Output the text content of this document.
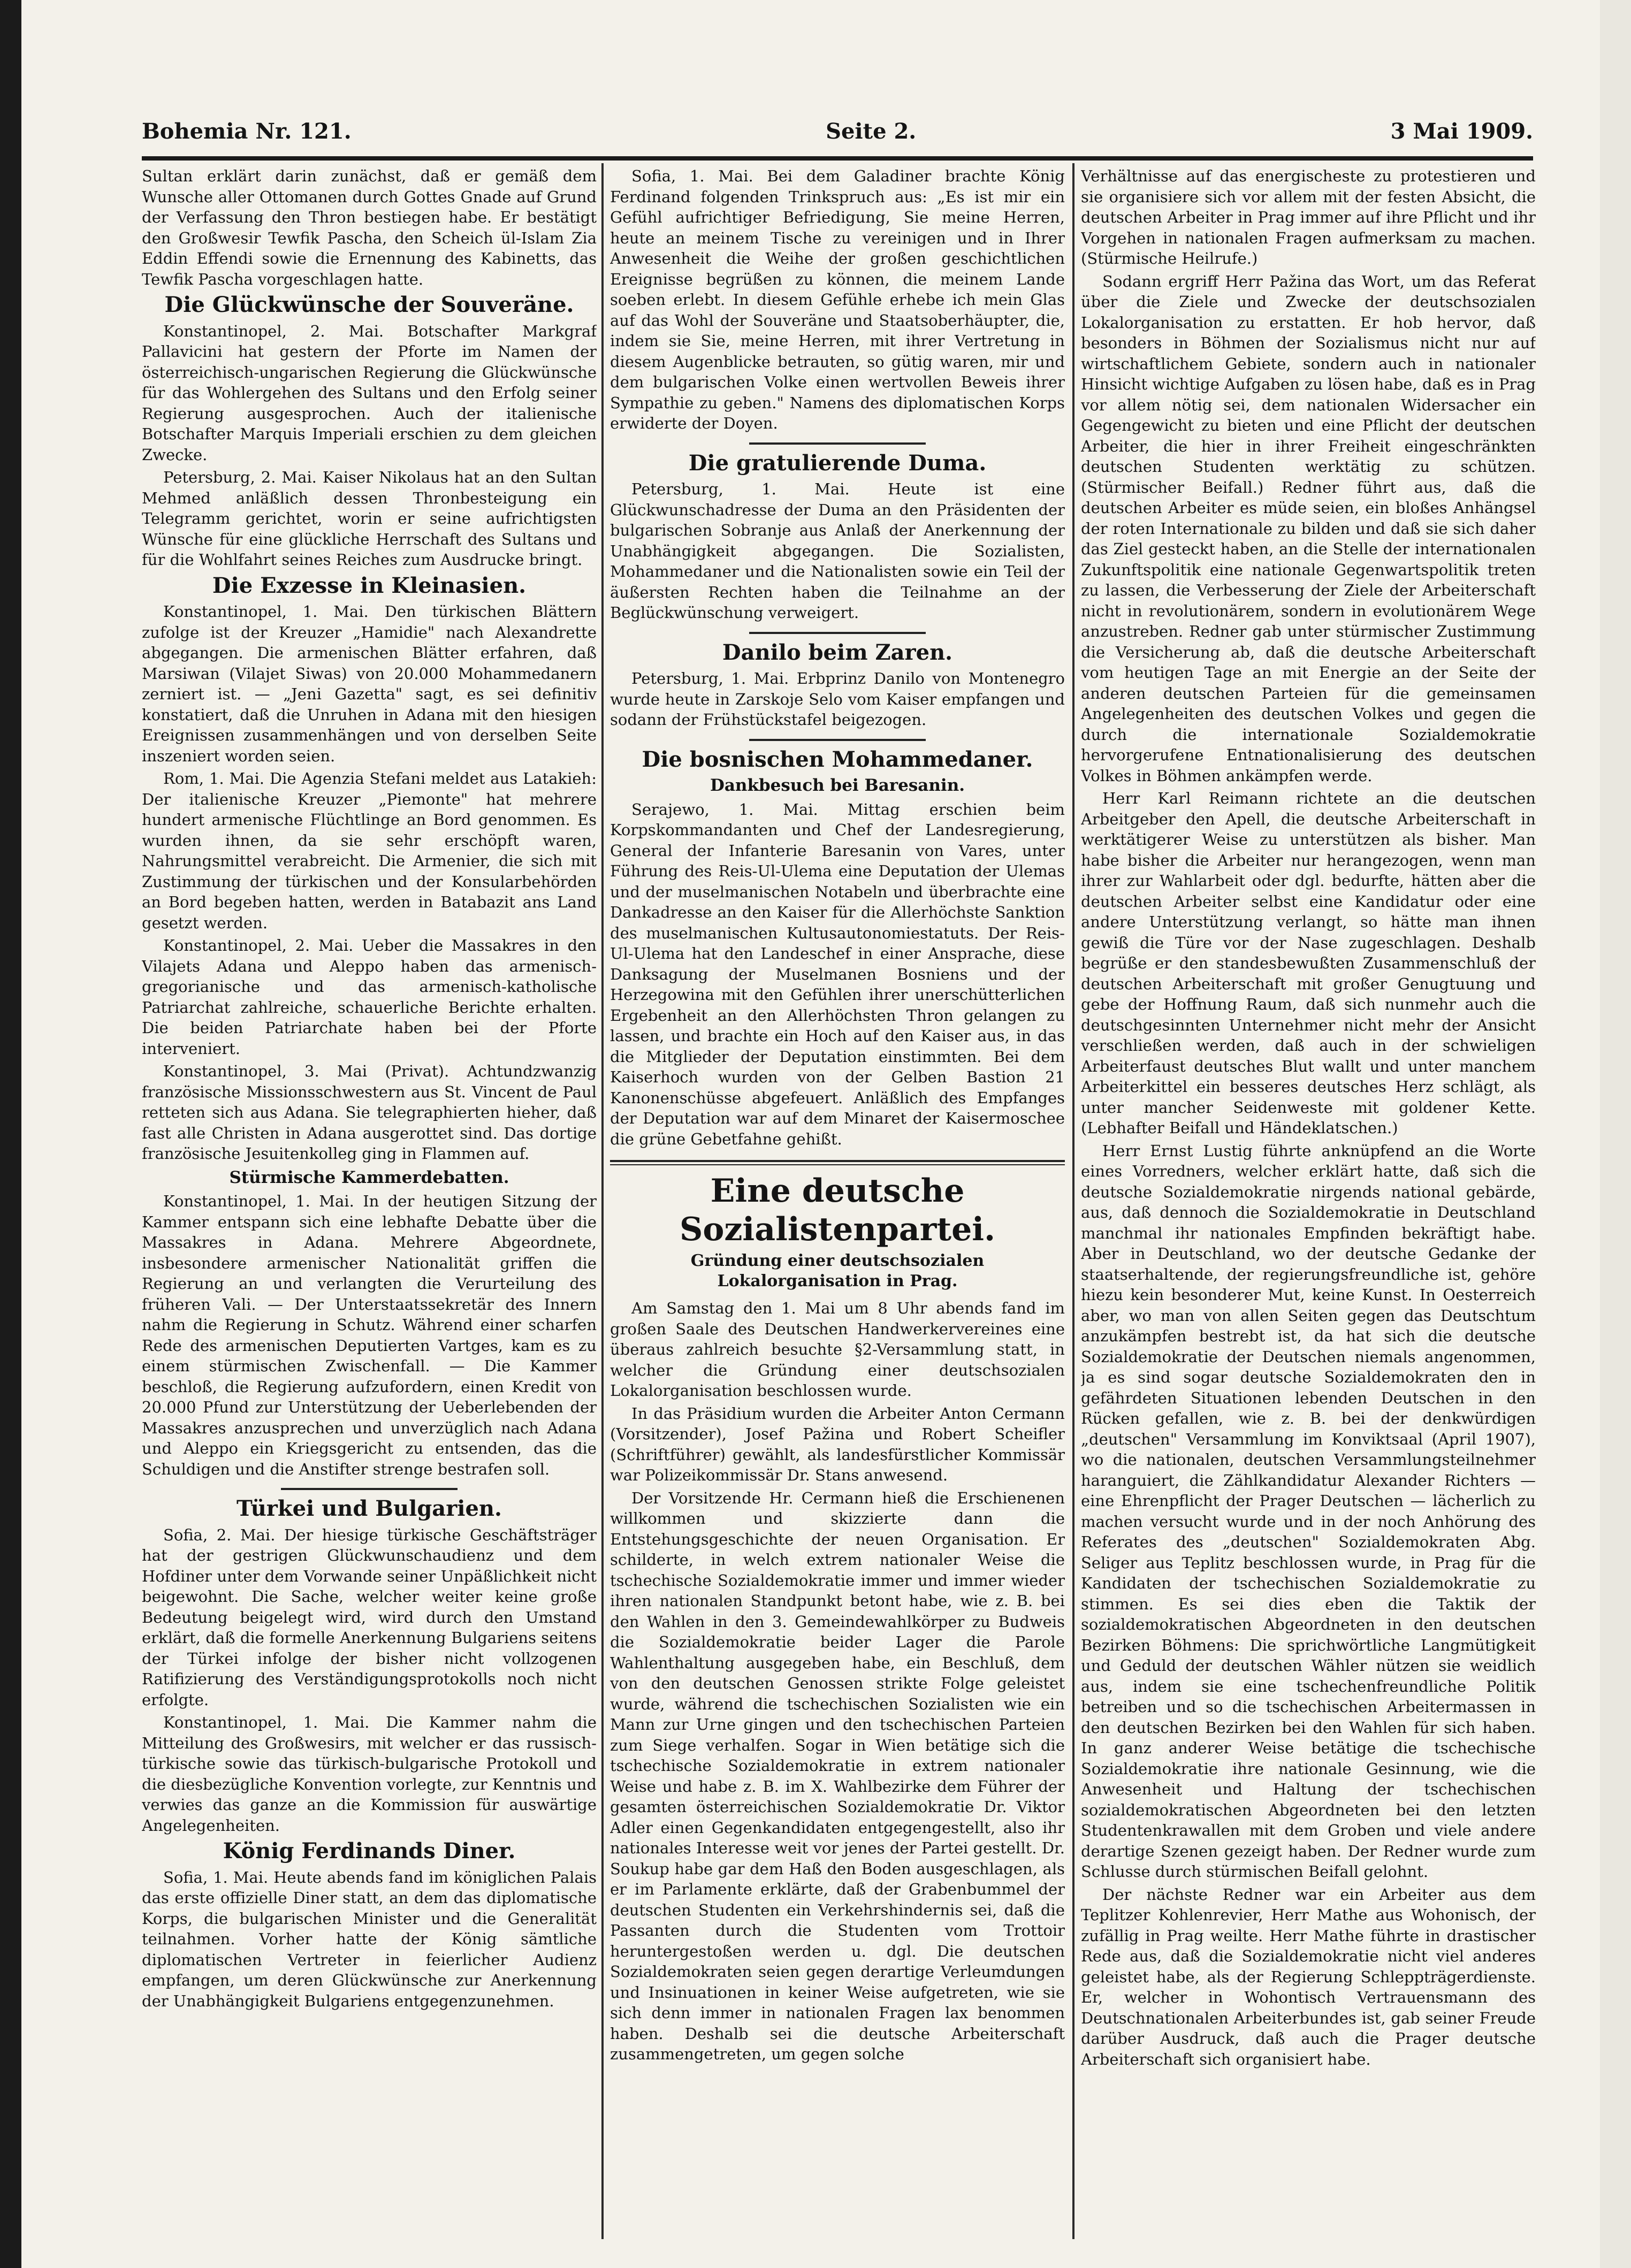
Bohemia Nr. 121.	Seite 2.	3 Mai 1909.

Sultan erklärt darin zunächst, daß er gemäß dem Wunsche aller Ottomanen durch Gottes Gnade auf Grund der Verfassung den Thron bestiegen habe. Er bestätigt den Großwesir Tewfik Pascha, den Scheich ül-Islam Zia Eddin Effendi sowie die Ernennung des Kabinetts, das Tewfik Pascha vorgeschlagen hatte.

Die Glückwünsche der Souveräne.

Konstantinopel, 2. Mai. Botschafter Markgraf Pallavicini hat gestern der Pforte im Namen der österreichisch-ungarischen Regierung die Glückwünsche für das Wohlergehen des Sultans und den Erfolg seiner Regierung ausgesprochen. Auch der italienische Botschafter Marquis Imperiali erschien zu dem gleichen Zwecke.

Petersburg, 2. Mai. Kaiser Nikolaus hat an den Sultan Mehmed anläßlich dessen Thronbesteigung ein Telegramm gerichtet, worin er seine aufrichtigsten Wünsche für eine glückliche Herrschaft des Sultans und für die Wohlfahrt seines Reiches zum Ausdrucke bringt.

Die Exzesse in Kleinasien.

Konstantinopel, 1. Mai. Den türkischen Blättern zufolge ist der Kreuzer „Hamidie" nach Alexandrette abgegangen. Die armenischen Blätter erfahren, daß Marsiwan (Vilajet Siwas) von 20.000 Mohammedanern zerniert ist. — „Jeni Gazetta" sagt, es sei definitiv konstatiert, daß die Unruhen in Adana mit den hiesigen Ereignissen zusammenhängen und von derselben Seite inszeniert worden seien.

Rom, 1. Mai. Die Agenzia Stefani meldet aus Latakieh: Der italienische Kreuzer „Piemonte" hat mehrere hundert armenische Flüchtlinge an Bord genommen. Es wurden ihnen, da sie sehr erschöpft waren, Nahrungsmittel verabreicht. Die Armenier, die sich mit Zustimmung der türkischen und der Konsularbehörden an Bord begeben hatten, werden in Batabazit ans Land gesetzt werden.

Konstantinopel, 2. Mai. Ueber die Massakres in den Vilajets Adana und Aleppo haben das armenisch-gregorianische und das armenisch-katholische Patriarchat zahlreiche, schauerliche Berichte erhalten. Die beiden Patriarchate haben bei der Pforte interveniert.

Konstantinopel, 3. Mai (Privat). Achtundzwanzig französische Missionsschwestern aus St. Vincent de Paul retteten sich aus Adana. Sie telegraphierten hieher, daß fast alle Christen in Adana ausgerottet sind. Das dortige französische Jesuitenkolleg ging in Flammen auf.

Stürmische Kammerdebatten.

Konstantinopel, 1. Mai. In der heutigen Sitzung der Kammer entspann sich eine lebhafte Debatte über die Massakres in Adana. Mehrere Abgeordnete, insbesondere armenischer Nationalität griffen die Regierung an und verlangten die Verurteilung des früheren Vali. — Der Unterstaatssekretär des Innern nahm die Regierung in Schutz. Während einer scharfen Rede des armenischen Deputierten Vartges, kam es zu einem stürmischen Zwischenfall. — Die Kammer beschloß, die Regierung aufzufordern, einen Kredit von 20.000 Pfund zur Unterstützung der Ueberlebenden der Massakres anzusprechen und unverzüglich nach Adana und Aleppo ein Kriegsgericht zu entsenden, das die Schuldigen und die Anstifter strenge bestrafen soll.

Türkei und Bulgarien.

Sofia, 2. Mai. Der hiesige türkische Geschäftsträger hat der gestrigen Glückwunschaudienz und dem Hofdiner unter dem Vorwande seiner Unpäßlichkeit nicht beigewohnt. Die Sache, welcher weiter keine große Bedeutung beigelegt wird, wird durch den Umstand erklärt, daß die formelle Anerkennung Bulgariens seitens der Türkei infolge der bisher nicht vollzogenen Ratifizierung des Verständigungsprotokolls noch nicht erfolgte.

Konstantinopel, 1. Mai. Die Kammer nahm die Mitteilung des Großwesirs, mit welcher er das russisch-türkische sowie das türkisch-bulgarische Protokoll und die diesbezügliche Konvention vorlegte, zur Kenntnis und verwies das ganze an die Kommission für auswärtige Angelegenheiten.

König Ferdinands Diner.

Sofia, 1. Mai. Heute abends fand im königlichen Palais das erste offizielle Diner statt, an dem das diplomatische Korps, die bulgarischen Minister und die Generalität teilnahmen. Vorher hatte der König sämtliche diplomatischen Vertreter in feierlicher Audienz empfangen, um deren Glückwünsche zur Anerkennung der Unabhängigkeit Bulgariens entgegenzunehmen.

Sofia, 1. Mai. Bei dem Galadiner brachte König Ferdinand folgenden Trinkspruch aus: „Es ist mir ein Gefühl aufrichtiger Befriedigung, Sie meine Herren, heute an meinem Tische zu vereinigen und in Ihrer Anwesenheit die Weihe der großen geschichtlichen Ereignisse begrüßen zu können, die meinem Lande soeben erlebt. In diesem Gefühle erhebe ich mein Glas auf das Wohl der Souveräne und Staatsoberhäupter, die, indem sie Sie, meine Herren, mit ihrer Vertretung in diesem Augenblicke betrauten, so gütig waren, mir und dem bulgarischen Volke einen wertvollen Beweis ihrer Sympathie zu geben." Namens des diplomatischen Korps erwiderte der Doyen.

Die gratulierende Duma.

Petersburg, 1. Mai. Heute ist eine Glückwunschadresse der Duma an den Präsidenten der bulgarischen Sobranje aus Anlaß der Anerkennung der Unabhängigkeit abgegangen. Die Sozialisten, Mohammedaner und die Nationalisten sowie ein Teil der äußersten Rechten haben die Teilnahme an der Beglückwünschung verweigert.

Danilo beim Zaren.

Petersburg, 1. Mai. Erbprinz Danilo von Montenegro wurde heute in Zarskoje Selo vom Kaiser empfangen und sodann der Frühstückstafel beigezogen.

Die bosnischen Mohammedaner.
Dankbesuch bei Baresanin.

Serajewo, 1. Mai. Mittag erschien beim Korpskommandanten und Chef der Landesregierung, General der Infanterie Baresanin von Vares, unter Führung des Reis-Ul-Ulema eine Deputation der Ulemas und der muselmanischen Notabeln und überbrachte eine Dankadresse an den Kaiser für die Allerhöchste Sanktion des muselmanischen Kultusautonomiestatuts. Der Reis-Ul-Ulema hat den Landeschef in einer Ansprache, diese Danksagung der Muselmanen Bosniens und der Herzegowina mit den Gefühlen ihrer unerschütterlichen Ergebenheit an den Allerhöchsten Thron gelangen zu lassen, und brachte ein Hoch auf den Kaiser aus, in das die Mitglieder der Deputation einstimmten. Bei dem Kaiserhoch wurden von der Gelben Bastion 21 Kanonenschüsse abgefeuert. Anläßlich des Empfanges der Deputation war auf dem Minaret der Kaisermoschee die grüne Gebetfahne gehißt.

Eine deutsche Sozialistenpartei.
Gründung einer deutschsozialen Lokalorganisation in Prag.

Am Samstag den 1. Mai um 8 Uhr abends fand im großen Saale des Deutschen Handwerkervereines eine überaus zahlreich besuchte §2-Versammlung statt, in welcher die Gründung einer deutschsozialen Lokalorganisation beschlossen wurde.

In das Präsidium wurden die Arbeiter Anton Cermann (Vorsitzender), Josef Pažina und Robert Scheifler (Schriftführer) gewählt, als landesfürstlicher Kommissär war Polizeikommissär Dr. Stans anwesend.

Der Vorsitzende Hr. Cermann hieß die Erschienenen willkommen und skizzierte dann die Entstehungsgeschichte der neuen Organisation. Er schilderte, in welch extrem nationaler Weise die tschechische Sozialdemokratie immer und immer wieder ihren nationalen Standpunkt betont habe, wie z. B. bei den Wahlen in den 3. Gemeindewahlkörper zu Budweis die Sozialdemokratie beider Lager die Parole Wahlenthaltung ausgegeben habe, ein Beschluß, dem von den deutschen Genossen strikte Folge geleistet wurde, während die tschechischen Sozialisten wie ein Mann zur Urne gingen und den tschechischen Parteien zum Siege verhalfen. Sogar in Wien betätige sich die tschechische Sozialdemokratie in extrem nationaler Weise und habe z. B. im X. Wahlbezirke dem Führer der gesamten österreichischen Sozialdemokratie Dr. Viktor Adler einen Gegenkandidaten entgegengestellt, also ihr nationales Interesse weit vor jenes der Partei gestellt. Dr. Soukup habe gar dem Haß den Boden ausgeschlagen, als er im Parlamente erklärte, daß der Grabenbummel der deutschen Studenten ein Verkehrshindernis sei, daß die Passanten durch die Studenten vom Trottoir heruntergestoßen werden u. dgl. Die deutschen Sozialdemokraten seien gegen derartige Verleumdungen und Insinuationen in keiner Weise aufgetreten, wie sie sich denn immer in nationalen Fragen lax benommen haben. Deshalb sei die deutsche Arbeiterschaft zusammengetreten, um gegen solche

Verhältnisse auf das energischeste zu protestieren und sie organisiere sich vor allem mit der festen Absicht, die deutschen Arbeiter in Prag immer auf ihre Pflicht und ihr Vorgehen in nationalen Fragen aufmerksam zu machen. (Stürmische Heilrufe.)

Sodann ergriff Herr Pažina das Wort, um das Referat über die Ziele und Zwecke der deutschsozialen Lokalorganisation zu erstatten. Er hob hervor, daß besonders in Böhmen der Sozialismus nicht nur auf wirtschaftlichem Gebiete, sondern auch in nationaler Hinsicht wichtige Aufgaben zu lösen habe, daß es in Prag vor allem nötig sei, dem nationalen Widersacher ein Gegengewicht zu bieten und eine Pflicht der deutschen Arbeiter, die hier in ihrer Freiheit eingeschränkten deutschen Studenten werktätig zu schützen. (Stürmischer Beifall.) Redner führt aus, daß die deutschen Arbeiter es müde seien, ein bloßes Anhängsel der roten Internationale zu bilden und daß sie sich daher das Ziel gesteckt haben, an die Stelle der internationalen Zukunftspolitik eine nationale Gegenwartspolitik treten zu lassen, die Verbesserung der Ziele der Arbeiterschaft nicht in revolutionärem, sondern in evolutionärem Wege anzustreben. Redner gab unter stürmischer Zustimmung die Versicherung ab, daß die deutsche Arbeiterschaft vom heutigen Tage an mit Energie an der Seite der anderen deutschen Parteien für die gemeinsamen Angelegenheiten des deutschen Volkes und gegen die durch die internationale Sozialdemokratie hervorgerufene Entnationalisierung des deutschen Volkes in Böhmen ankämpfen werde.

Herr Karl Reimann richtete an die deutschen Arbeitgeber den Apell, die deutsche Arbeiterschaft in werktätigerer Weise zu unterstützen als bisher. Man habe bisher die Arbeiter nur herangezogen, wenn man ihrer zur Wahlarbeit oder dgl. bedurfte, hätten aber die deutschen Arbeiter selbst eine Kandidatur oder eine andere Unterstützung verlangt, so hätte man ihnen gewiß die Türe vor der Nase zugeschlagen. Deshalb begrüße er den standesbewußten Zusammenschluß der deutschen Arbeiterschaft mit großer Genugtuung und gebe der Hoffnung Raum, daß sich nunmehr auch die deutschgesinnten Unternehmer nicht mehr der Ansicht verschließen werden, daß auch in der schwieligen Arbeiterfaust deutsches Blut wallt und unter manchem Arbeiterkittel ein besseres deutsches Herz schlägt, als unter mancher Seidenweste mit goldener Kette. (Lebhafter Beifall und Händeklatschen.)

Herr Ernst Lustig führte anknüpfend an die Worte eines Vorredners, welcher erklärt hatte, daß sich die deutsche Sozialdemokratie nirgends national gebärde, aus, daß dennoch die Sozialdemokratie in Deutschland manchmal ihr nationales Empfinden bekräftigt habe. Aber in Deutschland, wo der deutsche Gedanke der staatserhaltende, der regierungsfreundliche ist, gehöre hiezu kein besonderer Mut, keine Kunst. In Oesterreich aber, wo man von allen Seiten gegen das Deutschtum anzukämpfen bestrebt ist, da hat sich die deutsche Sozialdemokratie der Deutschen niemals angenommen, ja es sind sogar deutsche Sozialdemokraten den in gefährdeten Situationen lebenden Deutschen in den Rücken gefallen, wie z. B. bei der denkwürdigen „deutschen" Versammlung im Konviktsaal (April 1907), wo die nationalen, deutschen Versammlungsteilnehmer haranguiert, die Zählkandidatur Alexander Richters — eine Ehrenpflicht der Prager Deutschen — lächerlich zu machen versucht wurde und in der noch Anhörung des Referates des „deutschen" Sozialdemokraten Abg. Seliger aus Teplitz beschlossen wurde, in Prag für die Kandidaten der tschechischen Sozialdemokratie zu stimmen. Es sei dies eben die Taktik der sozialdemokratischen Abgeordneten in den deutschen Bezirken Böhmens: Die sprichwörtliche Langmütigkeit und Geduld der deutschen Wähler nützen sie weidlich aus, indem sie eine tschechenfreundliche Politik betreiben und so die tschechischen Arbeitermassen in den deutschen Bezirken bei den Wahlen für sich haben. In ganz anderer Weise betätige die tschechische Sozialdemokratie ihre nationale Gesinnung, wie die Anwesenheit und Haltung der tschechischen sozialdemokratischen Abgeordneten bei den letzten Studentenkrawallen mit dem Groben und viele andere derartige Szenen gezeigt haben. Der Redner wurde zum Schlusse durch stürmischen Beifall gelohnt.

Der nächste Redner war ein Arbeiter aus dem Teplitzer Kohlenrevier, Herr Mathe aus Wohonisch, der zufällig in Prag weilte. Herr Mathe führte in drastischer Rede aus, daß die Sozialdemokratie nicht viel anderes geleistet habe, als der Regierung Schleppträgerdienste. Er, welcher in Wohontisch Vertrauensmann des Deutschnationalen Arbeiterbundes ist, gab seiner Freude darüber Ausdruck, daß auch die Prager deutsche Arbeiterschaft sich organisiert habe.
